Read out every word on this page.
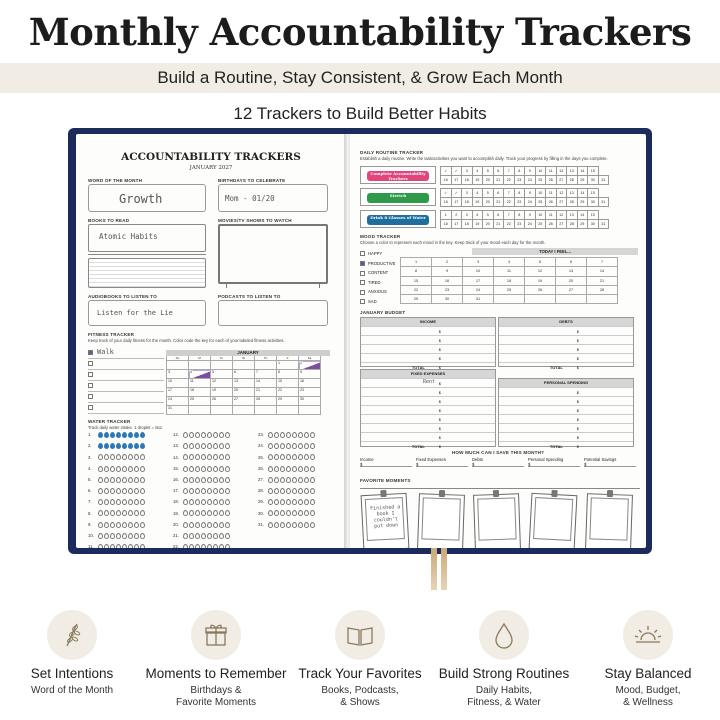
Monthly Accountability Trackers
Build a Routine, Stay Consistent, & Grow Each Month
12 Trackers to Build Better Habits
ACCOUNTABILITY TRACKERS
JANUARY 2027
WORD OF THE MONTH
Growth
BIRTHDAYS TO CELEBRATE
Mom - 01/20
BOOKS TO READ
Atomic Habits
MOVIES/TV SHOWS TO WATCH
AUDIOBOOKS TO LISTEN TO
Listen for the Lie
PODCASTS TO LISTEN TO
FITNESS TRACKER
Keep track of your daily fitness for the month. Color code the key for each of your labeled fitness activities.
Walk	JANUARY
Su	M	Tu	W	Th	F	Sa
					1	2
3	4	5	6	7	8	9
10	11	12	13	14	15	16
17	18	19	20	21	22	23
24	25	26	27	28	29	30
31						
WATER TRACKER
Track daily water intake. 1 droplet = 8oz.
1.
2.
3.
4.
5.
6.
7.
8.
9.
10.
11.
12.
13.
14.
15.
16.
17.
18.
19.
20.
21.
22.
23.
24.
25.
26.
27.
28.
29.
30.
31.
DAILY ROUTINE TRACKER
Establish a daily routine. Write the task/activities you want to accomplish daily. Track your progress by filling in the days you complete.
Complete Accountability Trackers
✓	✓	3	4	5	6	7	8	9	10	11	12	13	14	15	
16	17	18	19	20	21	22	23	24	25	26	27	28	29	30	31
Stretch	✓	✓	3	4	5	6	7	8	9	10	11	12	13	14	15	
16	17	18	19	20	21	22	23	24	25	26	27	28	29	30	31
Drink 8 Glasses of Water	1	2	3	4	5	6	7	8	9	10	11	12	13	14	15	
16	17	18	19	20	21	22	23	24	25	26	27	28	29	30	31
MOOD TRACKER
Choose a color to represent each mood in the key. Keep track of your mood each day for the month.
TODAY I FEEL...
HAPPY
PRODUCTIVE
CONTENT
TIRED
ANXIOUS
SAD
1	2	3	4	5	6	7
8	9	10	11	12	13	14
15	16	17	18	19	20	21
22	23	24	25	26	27	28
29	30	31				
JANUARY BUDGET
INCOME
$
$
$
$
TOTAL	$
DEBTS
$
$
$
$
TOTAL	$
FIXED EXPENSES
Rent $
$
$
$
$
$
$
TOTAL	$
PERSONAL SPENDING
$
$
$
$
$
$
TOTAL	$
HOW MUCH CAN I SAVE THIS MONTH?
Income
$
Fixed Expenses
$
Debts
$
Personal Spending
$
Potential Savings
$
FAVORITE MOMENTS
Finished a book I couldn't put down
Set Intentions
Word of the Month
Moments to Remember
Birthdays &
Favorite Moments
Track Your Favorites
Books, Podcasts,
& Shows
Build Strong Routines
Daily Habits,
Fitness, & Water
Stay Balanced
Mood, Budget,
& Wellness
